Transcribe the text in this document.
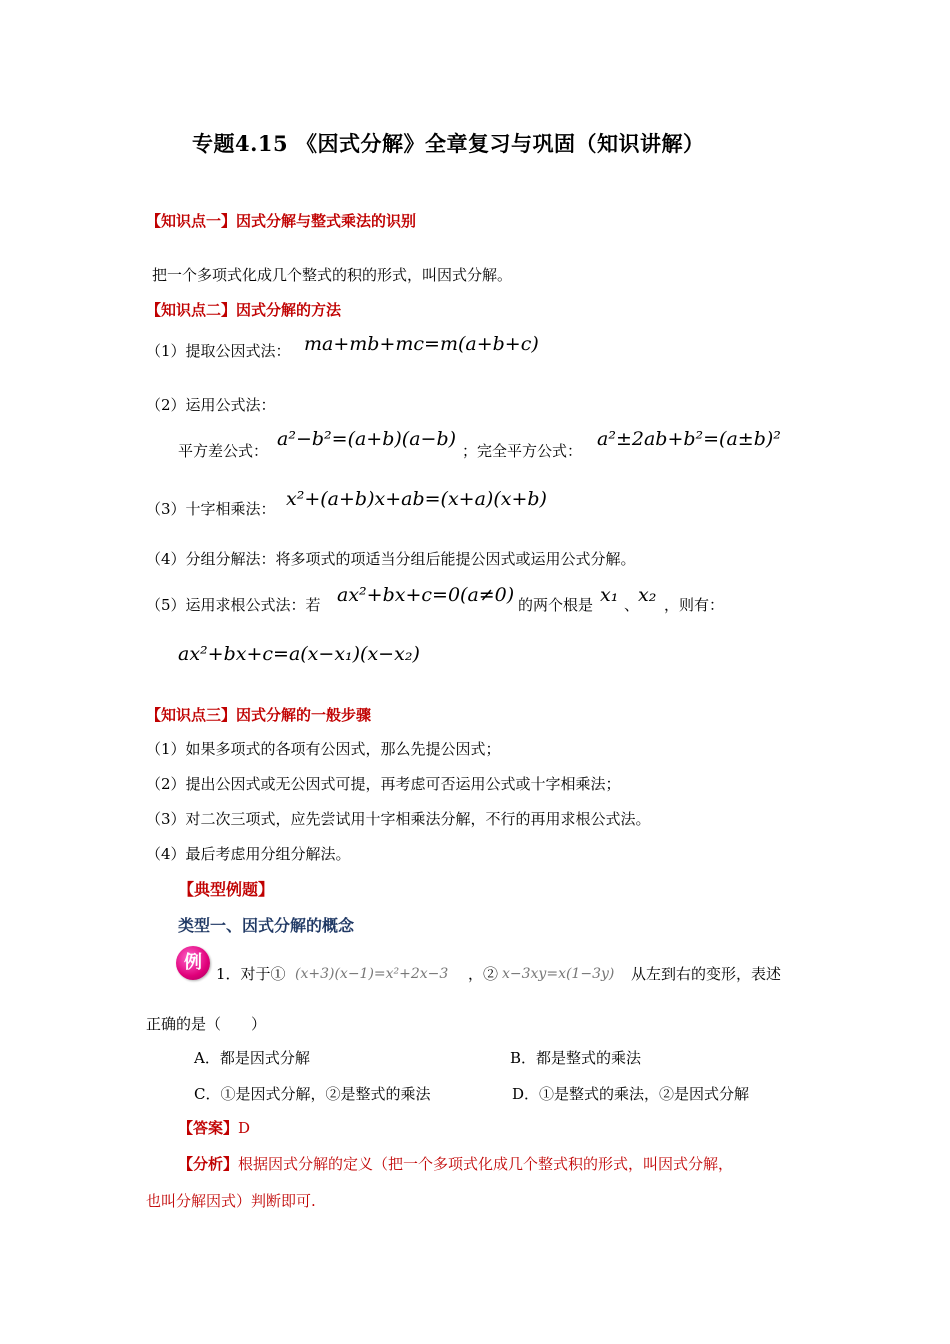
专题4.15 《因式分解》全章复习与巩固（知识讲解）
【知识点一】因式分解与整式乘法的识别
把一个多项式化成几个整式的积的形式，叫因式分解。
【知识点二】因式分解的方法
（1）提取公因式法： ma+mb+mc=m(a+b+c)
（2）运用公式法：
平方差公式：
a²−b²=(a+b)(a−b)
；完全平方公式：
a²±2ab+b²=(a±b)²
（3）十字相乘法： x²+(a+b)x+ab=(x+a)(x+b)
（4）分组分解法：将多项式的项适当分组后能提公因式或运用公式分解。
（5）运用求根公式法：若 ax²+bx+c=0(a≠0) 的两个根是 x₁ 、
x₂ ，则有：
ax²+bx+c=a(x−x₁)(x−x₂)
【知识点三】因式分解的一般步骤
（1）如果多项式的各项有公因式，那么先提公因式；
（2）提出公因式或无公因式可提，再考虑可否运用公式或十字相乘法；
（3）对二次三项式，应先尝试用十字相乘法分解，不行的再用求根公式法。
（4）最后考虑用分组分解法。
【典型例题】
类型一、因式分解的概念
例
1．对于① (x+3)(x−1)=x²+2x−3 ，② x−3xy=x(1−3y) 从左到右的变形，表述
正确的是（　　）
A．都是因式分解	B．都是整式的乘法
C．①是因式分解，②是整式的乘法	D．①是整式的乘法，②是因式分解
【答案】D
【分析】根据因式分解的定义（把一个多项式化成几个整式积的形式，叫因式分解，
也叫分解因式）判断即可.
